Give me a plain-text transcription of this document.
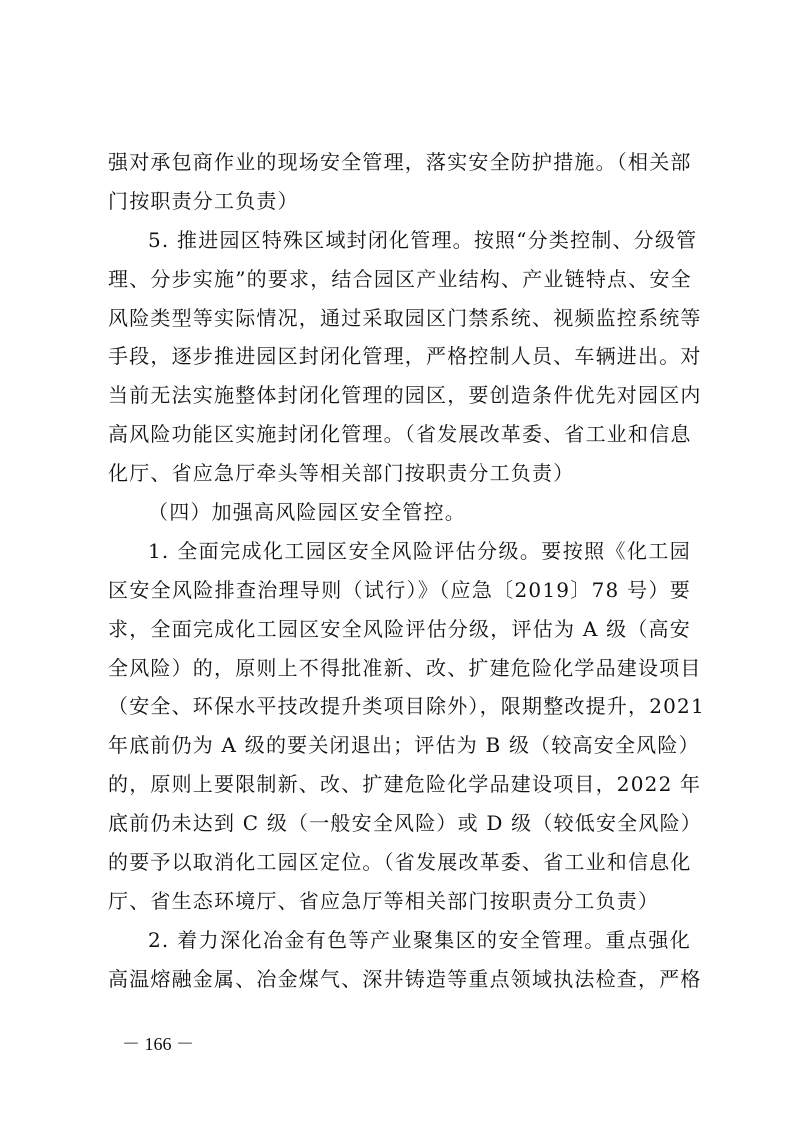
强对承包商作业的现场安全管理，落实安全防护措施。（相关部
门按职责分工负责）
5. 推进园区特殊区域封闭化管理。按照“分类控制、分级管
理、分步实施”的要求，结合园区产业结构、产业链特点、安全
风险类型等实际情况，通过采取园区门禁系统、视频监控系统等
手段，逐步推进园区封闭化管理，严格控制人员、车辆进出。对
当前无法实施整体封闭化管理的园区，要创造条件优先对园区内
高风险功能区实施封闭化管理。（省发展改革委、省工业和信息
化厅、省应急厅牵头等相关部门按职责分工负责）
（四）加强高风险园区安全管控。
1. 全面完成化工园区安全风险评估分级。要按照《化工园
区安全风险排查治理导则（试行）》（应急〔2019〕78 号）要
求，全面完成化工园区安全风险评估分级，评估为 A 级（高安
全风险）的，原则上不得批准新、改、扩建危险化学品建设项目
（安全、环保水平技改提升类项目除外），限期整改提升，2021
年底前仍为 A 级的要关闭退出；评估为 B 级（较高安全风险）
的，原则上要限制新、改、扩建危险化学品建设项目，2022 年
底前仍未达到 C 级（一般安全风险）或 D 级（较低安全风险）
的要予以取消化工园区定位。（省发展改革委、省工业和信息化
厅、省生态环境厅、省应急厅等相关部门按职责分工负责）
2. 着力深化冶金有色等产业聚集区的安全管理。重点强化
高温熔融金属、冶金煤气、深井铸造等重点领域执法检查，严格
－ 166 －
